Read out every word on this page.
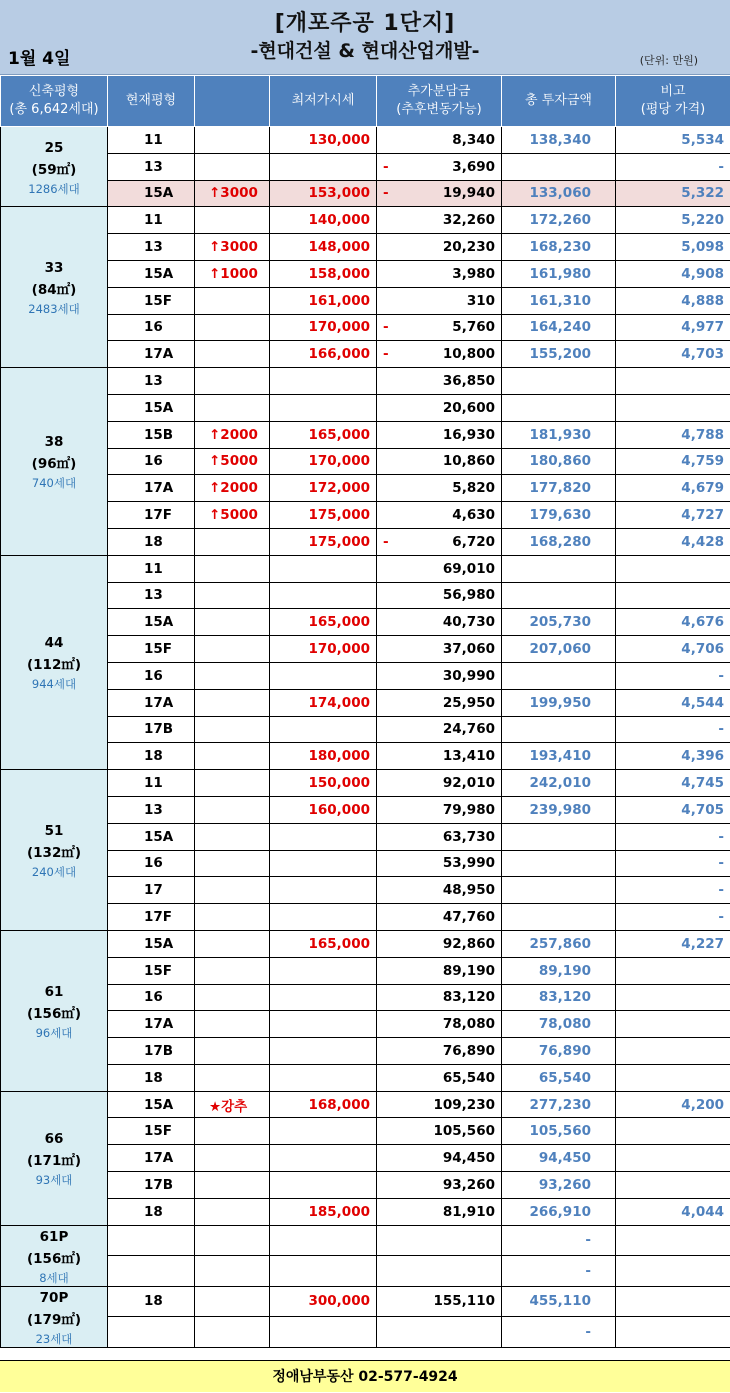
[개포주공 1단지]
-현대건설 & 현대산업개발-
1월 4일	(단위: 만원)
신축평형
(총 6,642세대)	현재평형		최저가시세	추가분담금
(추후변동가능)	총 투자금액	비고
(평당 가격)

25
(59㎡)
1286세대	11		130,000	8,340	138,340	5,534
	13			- 3,690		-
	15A	↑3000	153,000	- 19,940	133,060	5,322

33
(84㎡)
2483세대	11		140,000	32,260	172,260	5,220
	13	↑3000	148,000	20,230	168,230	5,098
	15A	↑1000	158,000	3,980	161,980	4,908
	15F		161,000	310	161,310	4,888
	16		170,000	- 5,760	164,240	4,977
	17A		166,000	- 10,800	155,200	4,703

38
(96㎡)
740세대	13			36,850		
	15A			20,600		
	15B	↑2000	165,000	16,930	181,930	4,788
	16	↑5000	170,000	10,860	180,860	4,759
	17A	↑2000	172,000	5,820	177,820	4,679
	17F	↑5000	175,000	4,630	179,630	4,727
	18		175,000	- 6,720	168,280	4,428

44
(112㎡)
944세대	11			69,010		
	13			56,980		
	15A		165,000	40,730	205,730	4,676
	15F		170,000	37,060	207,060	4,706
	16			30,990		-
	17A		174,000	25,950	199,950	4,544
	17B			24,760		-
	18		180,000	13,410	193,410	4,396

51
(132㎡)
240세대	11		150,000	92,010	242,010	4,745
	13		160,000	79,980	239,980	4,705
	15A			63,730		-
	16			53,990		-
	17			48,950		-
	17F			47,760		-

61
(156㎡)
96세대	15A		165,000	92,860	257,860	4,227
	15F			89,190	89,190	
	16			83,120	83,120	
	17A			78,080	78,080	
	17B			76,890	76,890	
	18			65,540	65,540	

66
(171㎡)
93세대	15A	★강추	168,000	109,230	277,230	4,200
	15F			105,560	105,560	
	17A			94,450	94,450	
	17B			93,260	93,260	
	18		185,000	81,910	266,910	4,044

61P
(156㎡)
8세대					-	
					-	

70P
(179㎡)
23세대	18		300,000	155,110	455,110	
					-	
정애남부동산 02-577-4924
